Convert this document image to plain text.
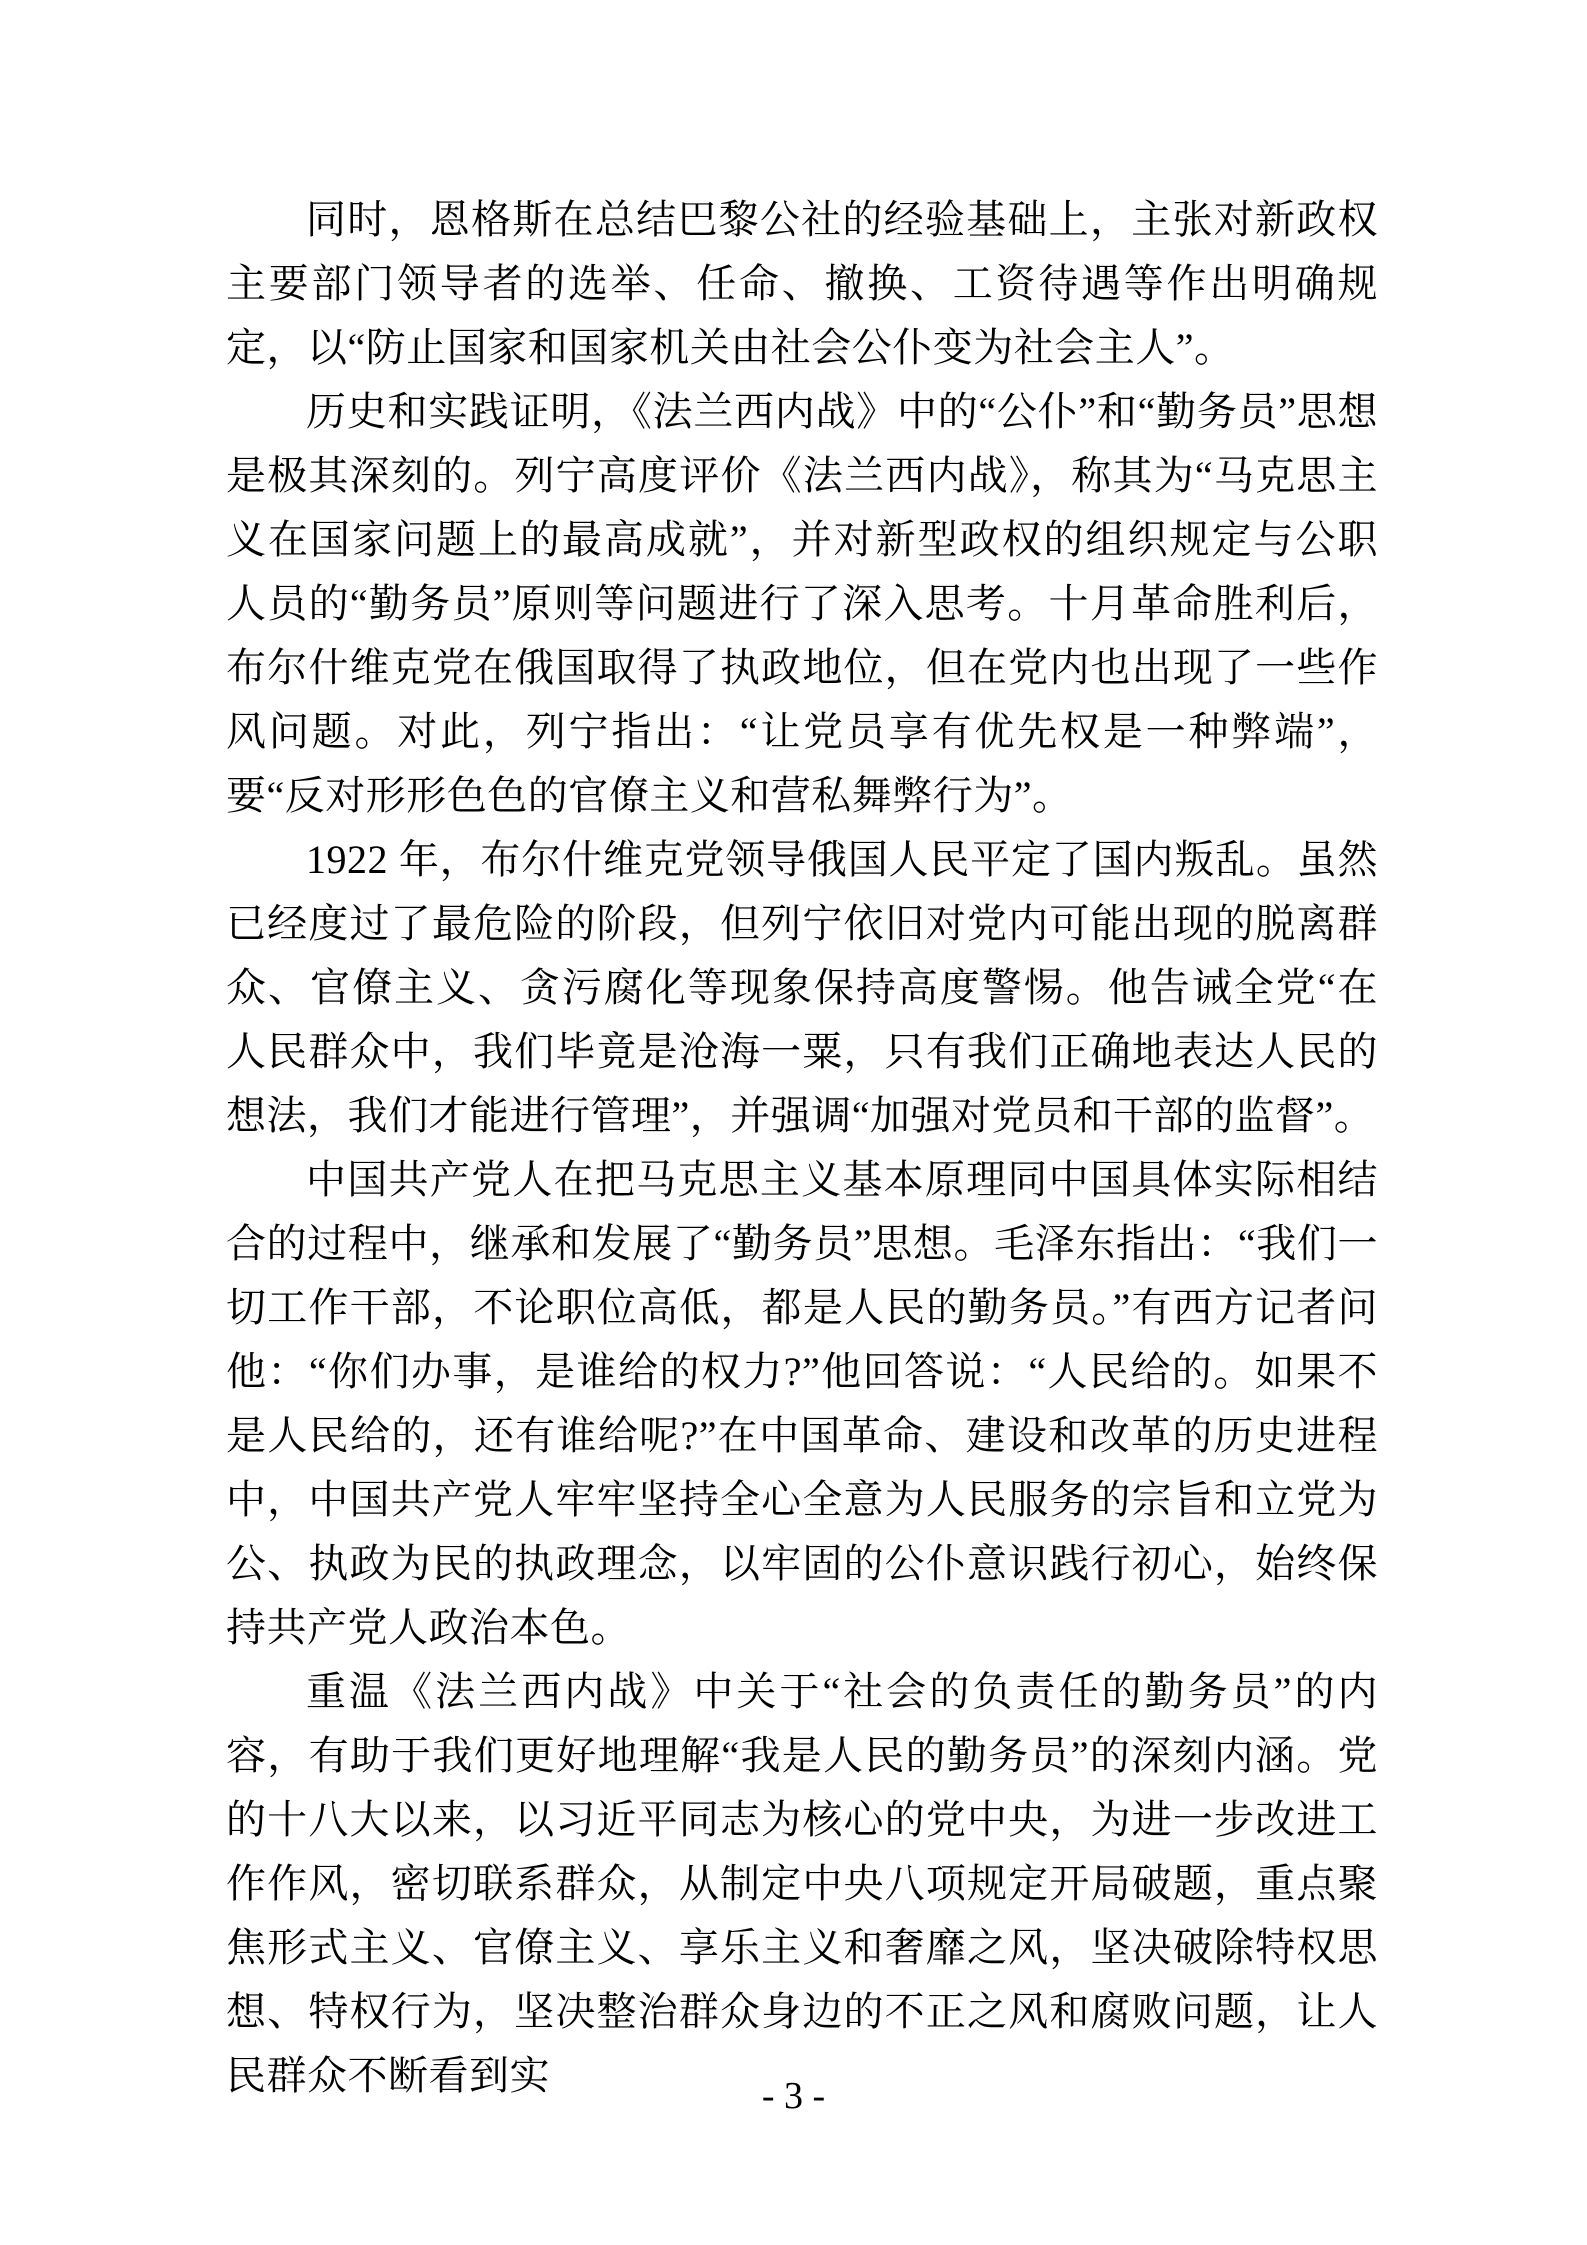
同时，恩格斯在总结巴黎公社的经验基础上，主张对新政权主要部门领导者的选举、任命、撤换、工资待遇等作出明确规定，以“防止国家和国家机关由社会公仆变为社会主人”。

历史和实践证明，《法兰西内战》中的“公仆”和“勤务员”思想是极其深刻的。列宁高度评价《法兰西内战》，称其为“马克思主义在国家问题上的最高成就”，并对新型政权的组织规定与公职人员的“勤务员”原则等问题进行了深入思考。十月革命胜利后，布尔什维克党在俄国取得了执政地位，但在党内也出现了一些作风问题。对此，列宁指出：“让党员享有优先权是一种弊端”，要“反对形形色色的官僚主义和营私舞弊行为”。

1922 年，布尔什维克党领导俄国人民平定了国内叛乱。虽然已经度过了最危险的阶段，但列宁依旧对党内可能出现的脱离群众、官僚主义、贪污腐化等现象保持高度警惕。他告诫全党“在人民群众中，我们毕竟是沧海一粟，只有我们正确地表达人民的想法，我们才能进行管理”，并强调“加强对党员和干部的监督”。

中国共产党人在把马克思主义基本原理同中国具体实际相结合的过程中，继承和发展了“勤务员”思想。毛泽东指出：“我们一切工作干部，不论职位高低，都是人民的勤务员。”有西方记者问他：“你们办事，是谁给的权力?”他回答说：“人民给的。如果不是人民给的，还有谁给呢?”在中国革命、建设和改革的历史进程中，中国共产党人牢牢坚持全心全意为人民服务的宗旨和立党为公、执政为民的执政理念，以牢固的公仆意识践行初心，始终保持共产党人政治本色。

重温《法兰西内战》中关于“社会的负责任的勤务员”的内容，有助于我们更好地理解“我是人民的勤务员”的深刻内涵。党的十八大以来，以习近平同志为核心的党中央，为进一步改进工作作风，密切联系群众，从制定中央八项规定开局破题，重点聚焦形式主义、官僚主义、享乐主义和奢靡之风，坚决破除特权思想、特权行为，坚决整治群众身边的不正之风和腐败问题，让人民群众不断看到实	- 3 -
